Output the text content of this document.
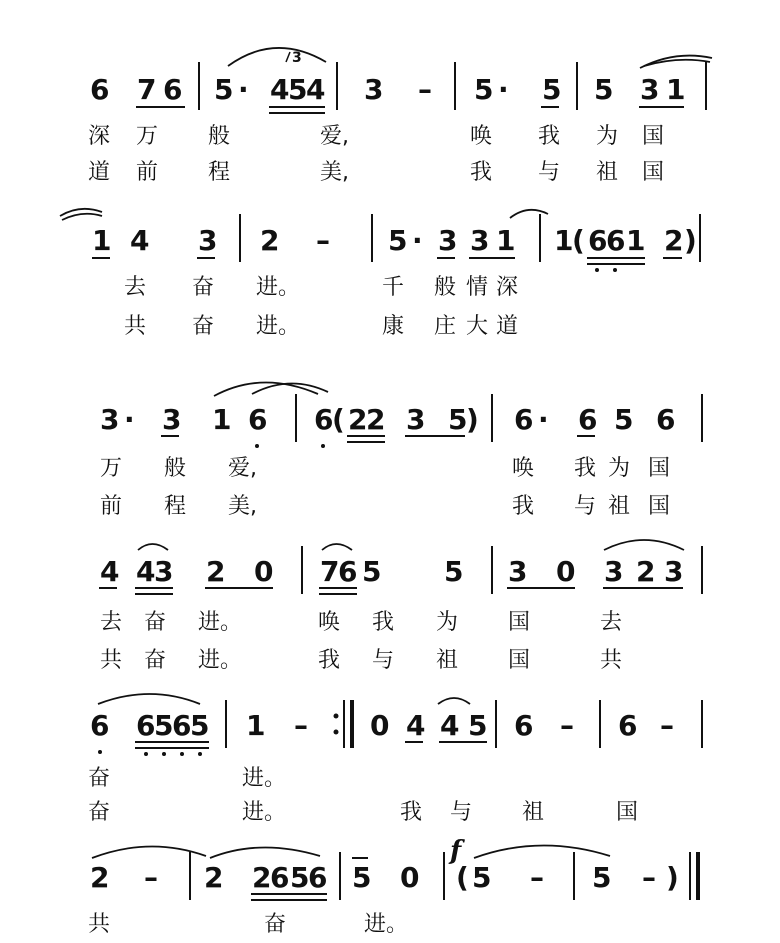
6 7 6 5 · 4
5
4
3
3 – 5 · 5 5 3 1
深 万 般	爱,	唤 我 为 国
道 前 程	美,	我 与 祖 国
1 4 3 2 – 5 · 3 3 1 1
( 6
6 1 2 )
去 奋 进。	千 般 情 深
共 奋 进。	康 庄 大 道
3 · 3 1 6 6
( 2
2 3 5
) 6 · 6 5 6
万 般 爱,	唤 我 为 国
前 程 美,	我 与 祖 国
4 4
3 2 0 7
6 5 5 3 0 3 2 3
去 奋 进。	唤 我 为 国	去
共 奋 进。	我 与 祖 国	共
6 6
5
6
5 1 – 0 4 4 5 6 – 6 –
奋	进。
奋	进。	我 与 祖	国
2 – 2 2
6 5
6 5 0
f
( 5 – 5 – )
共	奋	进。
